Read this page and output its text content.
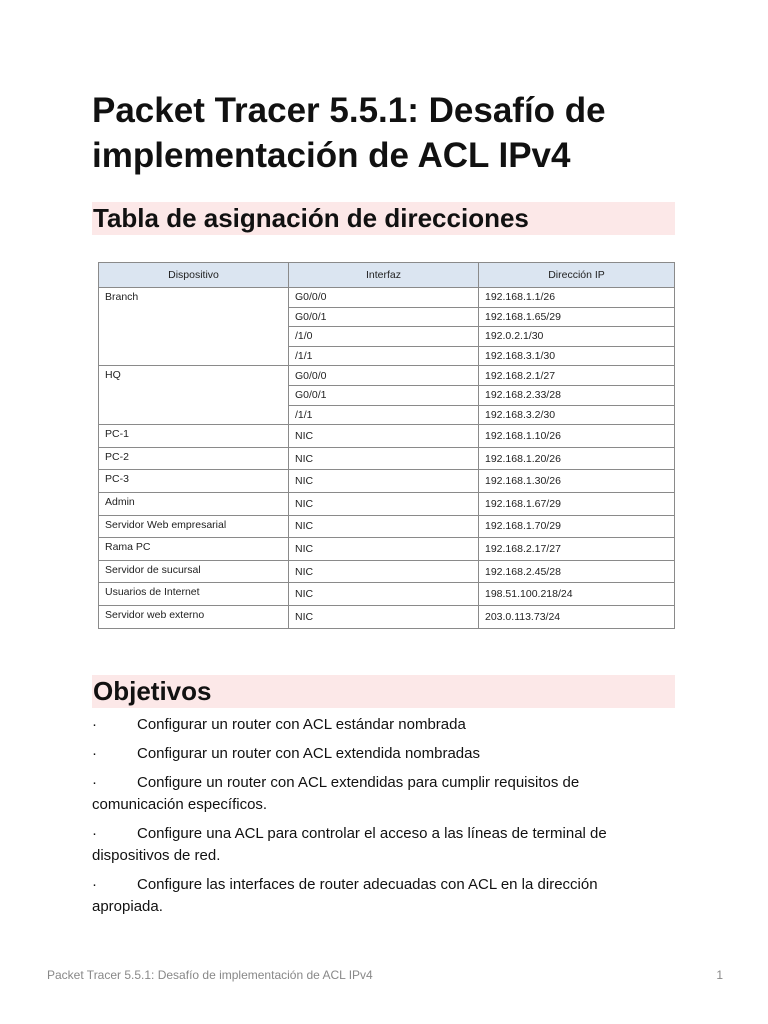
Packet Tracer 5.5.1: Desafío de implementación de ACL IPv4
Tabla de asignación de direcciones
Dispositivo	Interfaz	Dirección IP
Branch	G0/0/0	192.168.1.1/26
	G0/0/1	192.168.1.65/29
	/1/0	192.0.2.1/30
	/1/1	192.168.3.1/30
HQ	G0/0/0	192.168.2.1/27
	G0/0/1	192.168.2.33/28
	/1/1	192.168.3.2/30
PC-1	NIC	192.168.1.10/26
PC-2	NIC	192.168.1.20/26
PC-3	NIC	192.168.1.30/26
Admin	NIC	192.168.1.67/29
Servidor Web empresarial	NIC	192.168.1.70/29
Rama PC	NIC	192.168.2.17/27
Servidor de sucursal	NIC	192.168.2.45/28
Usuarios de Internet	NIC	198.51.100.218/24
Servidor web externo	NIC	203.0.113.73/24
Objetivos
·	Configurar un router con ACL estándar nombrada
·	Configurar un router con ACL extendida nombradas
·	Configure un router con ACL extendidas para cumplir requisitos de comunicación específicos.
·	Configure una ACL para controlar el acceso a las líneas de terminal de dispositivos de red.
·	Configure las interfaces de router adecuadas con ACL en la dirección apropiada.
Packet Tracer 5.5.1: Desafío de implementación de ACL IPv4	1
